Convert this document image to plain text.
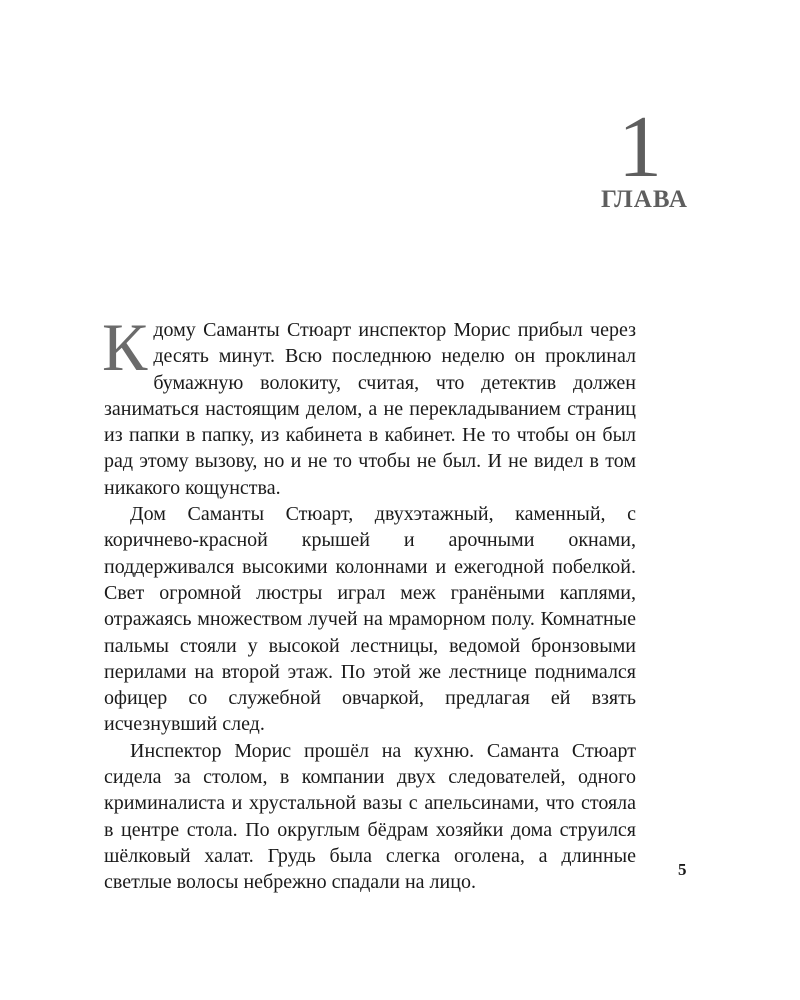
1
ГЛАВА

Кдому Саманты Стюарт инспектор Морис прибыл через десять минут. Всю последнюю неделю он проклинал бумажную волокиту, считая, что детектив должен заниматься настоящим делом, а не перекладыванием страниц из папки в папку, из кабинета в кабинет. Не то чтобы он был рад этому вызову, но и не то чтобы не был. И не видел в том никакого кощунства.

Дом Саманты Стюарт, двухэтажный, каменный, с коричнево-красной крышей и арочными окнами, поддерживался высокими колоннами и ежегодной побелкой. Свет огромной люстры играл меж гранёными каплями, отражаясь множеством лучей на мраморном полу. Комнатные пальмы стояли у высокой лестницы, ведомой бронзовыми перилами на второй этаж. По этой же лестнице поднимался офицер со служебной овчаркой, предлагая ей взять исчезнувший след.

Инспектор Морис прошёл на кухню. Саманта Стюарт сидела за столом, в компании двух следователей, одного криминалиста и хрустальной вазы с апельсинами, что стояла в центре стола. По округлым бёдрам хозяйки дома струился шёлковый халат. Грудь была слегка оголена, а длинные светлые волосы небрежно спадали на лицо.

5
